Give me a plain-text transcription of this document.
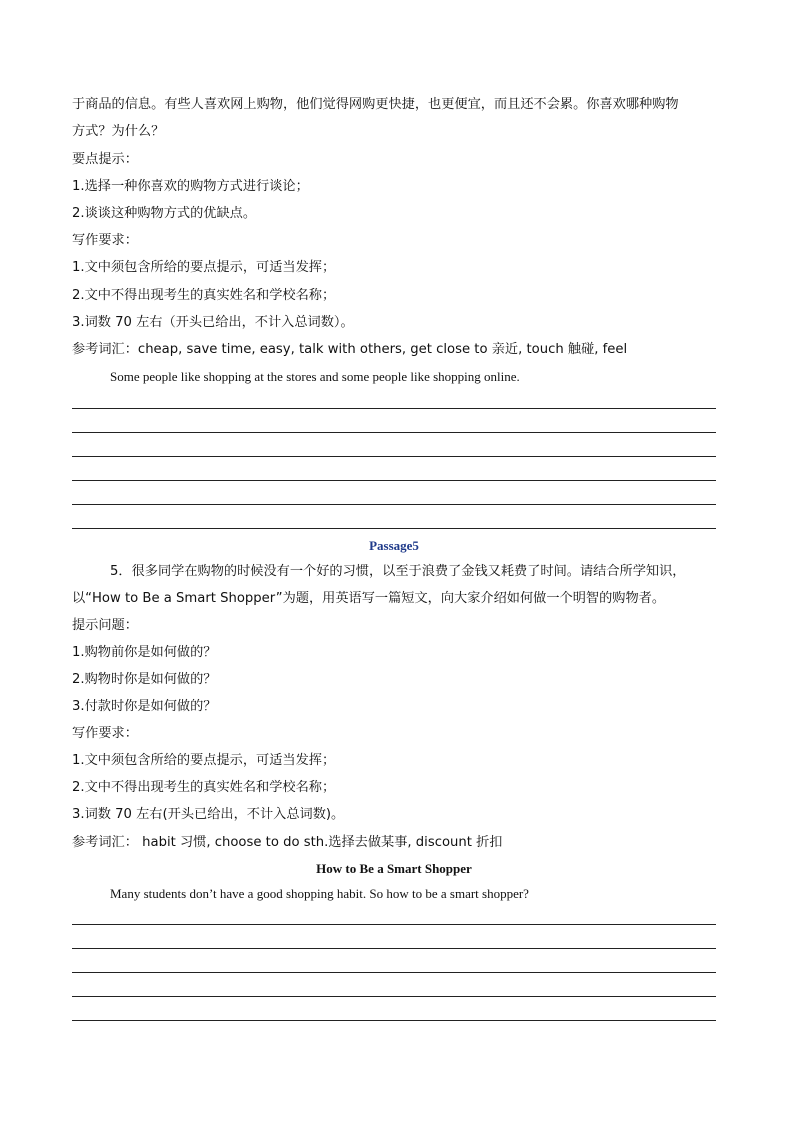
于商品的信息。有些人喜欢网上购物，他们觉得网购更快捷，也更便宜，而且还不会累。你喜欢哪种购物
方式？为什么？
要点提示：
1.选择一种你喜欢的购物方式进行谈论；
2.谈谈这种购物方式的优缺点。
写作要求：
1.文中须包含所给的要点提示，可适当发挥；
2.文中不得出现考生的真实姓名和学校名称；
3.词数 70 左右（开头已给出，不计入总词数）。
参考词汇：cheap, save time, easy, talk with others, get close to 亲近, touch 触碰, feel
Some people like shopping at the stores and some people like shopping online.
Passage5
5．很多同学在购物的时候没有一个好的习惯，以至于浪费了金钱又耗费了时间。请结合所学知识，
以“How to Be a Smart Shopper”为题，用英语写一篇短文，向大家介绍如何做一个明智的购物者。
提示问题：
1.购物前你是如何做的？
2.购物时你是如何做的？
3.付款时你是如何做的？
写作要求：
1.文中须包含所给的要点提示，可适当发挥；
2.文中不得出现考生的真实姓名和学校名称；
3.词数 70 左右(开头已给出，不计入总词数)。
参考词汇： habit 习惯, choose to do sth.选择去做某事, discount 折扣
How to Be a Smart Shopper
Many students don’t have a good shopping habit. So how to be a smart shopper?
